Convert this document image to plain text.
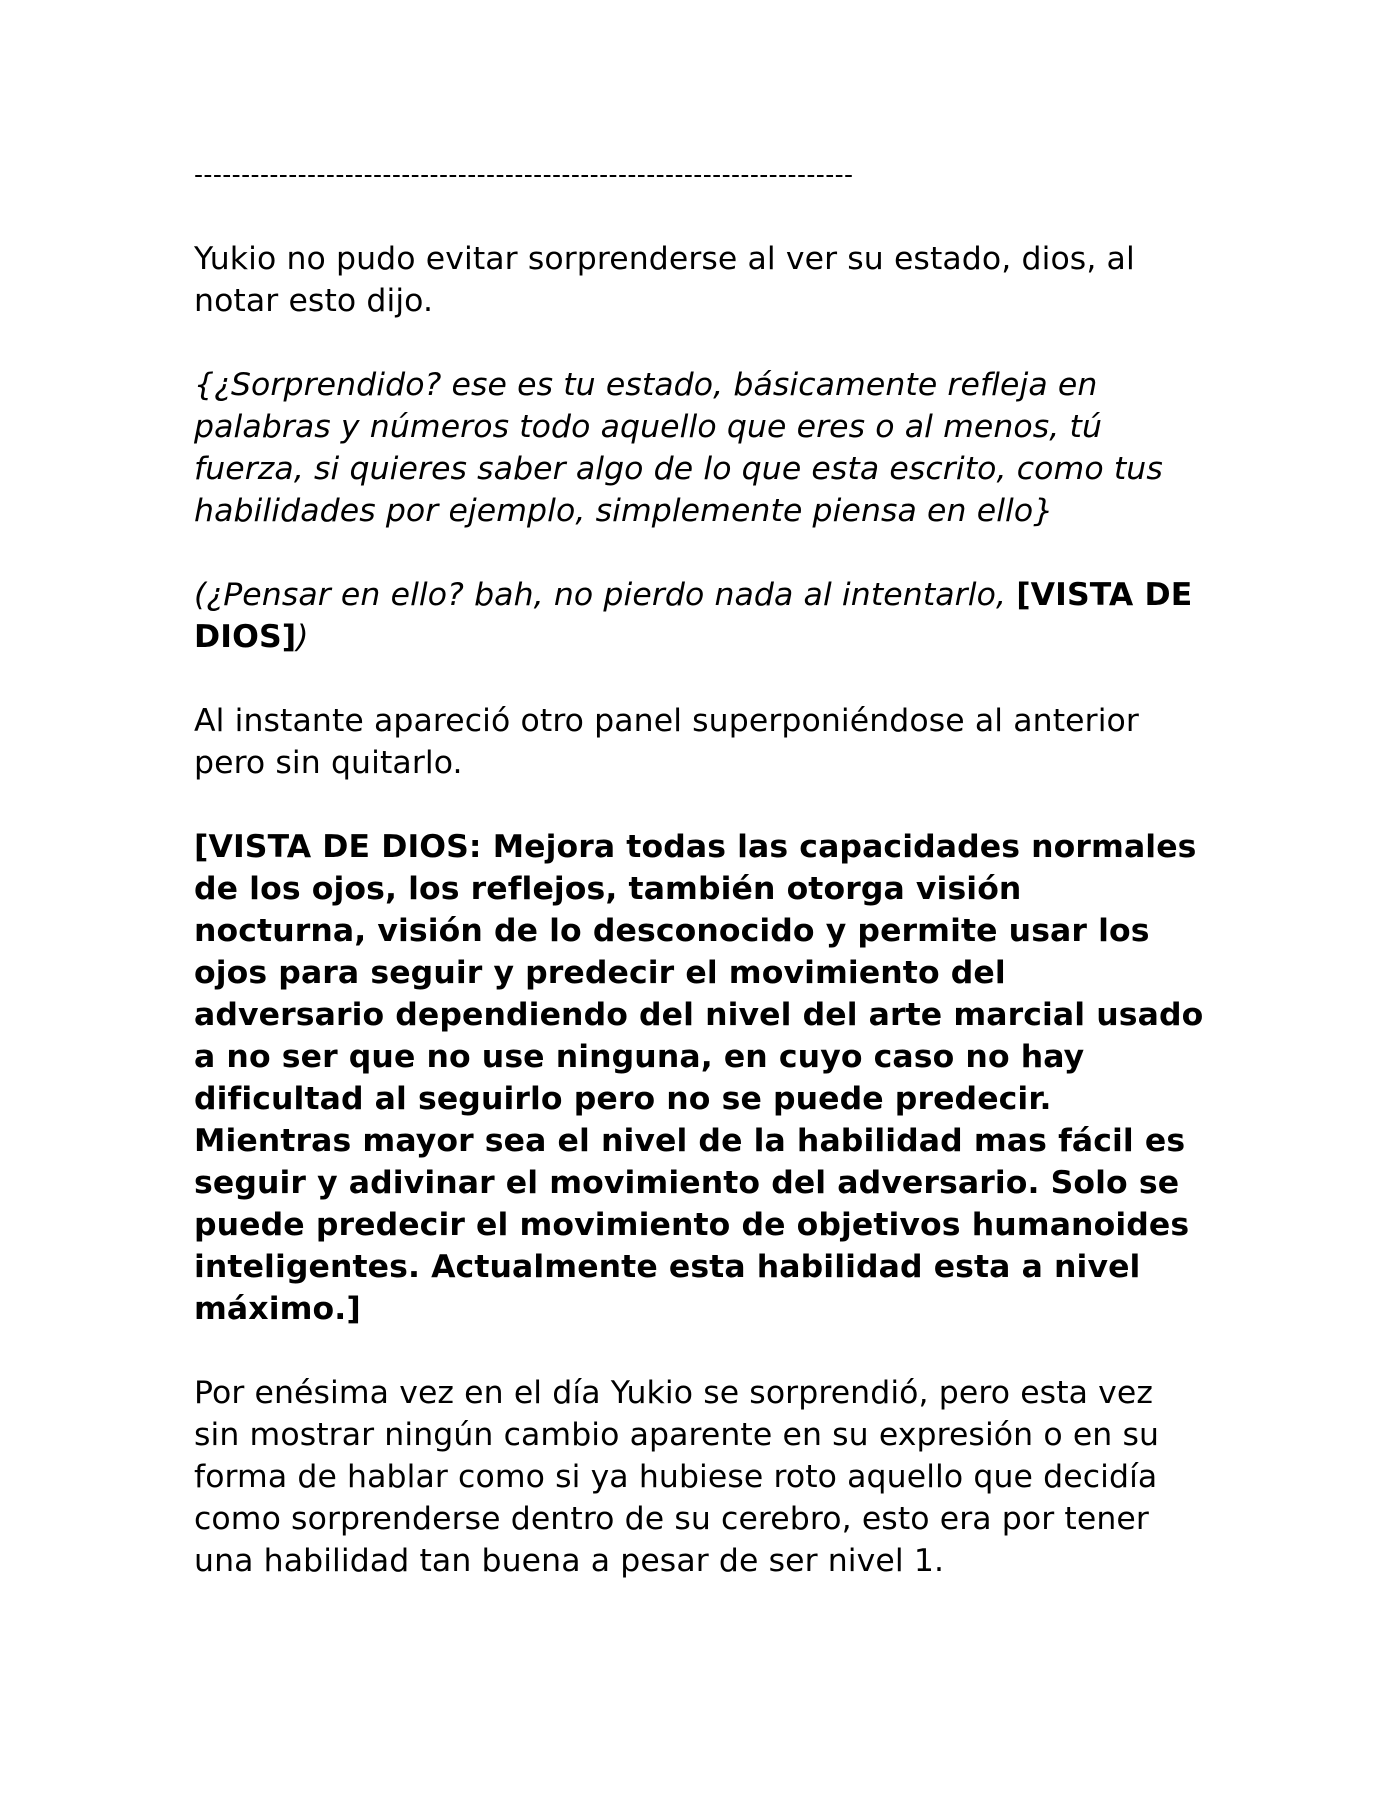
----------------------------------------------------------------------

Yukio no pudo evitar sorprenderse al ver su estado, dios, al notar esto dijo.

{¿Sorprendido? ese es tu estado, básicamente refleja en palabras y números todo aquello que eres o al menos, tú fuerza, si quieres saber algo de lo que esta escrito, como tus habilidades por ejemplo, simplemente piensa en ello}

(¿Pensar en ello? bah, no pierdo nada al intentarlo, [VISTA DE DIOS])

Al instante apareció otro panel superponiéndose al anterior pero sin quitarlo.

[VISTA DE DIOS: Mejora todas las capacidades normales de los ojos, los reflejos, también otorga visión nocturna, visión de lo desconocido y permite usar los ojos para seguir y predecir el movimiento del adversario dependiendo del nivel del arte marcial usado a no ser que no use ninguna, en cuyo caso no hay dificultad al seguirlo pero no se puede predecir. Mientras mayor sea el nivel de la habilidad mas fácil es seguir y adivinar el movimiento del adversario. Solo se puede predecir el movimiento de objetivos humanoides inteligentes. Actualmente esta habilidad esta a nivel máximo.]

Por enésima vez en el día Yukio se sorprendió, pero esta vez sin mostrar ningún cambio aparente en su expresión o en su forma de hablar como si ya hubiese roto aquello que decidía como sorprenderse dentro de su cerebro, esto era por tener una habilidad tan buena a pesar de ser nivel 1.
